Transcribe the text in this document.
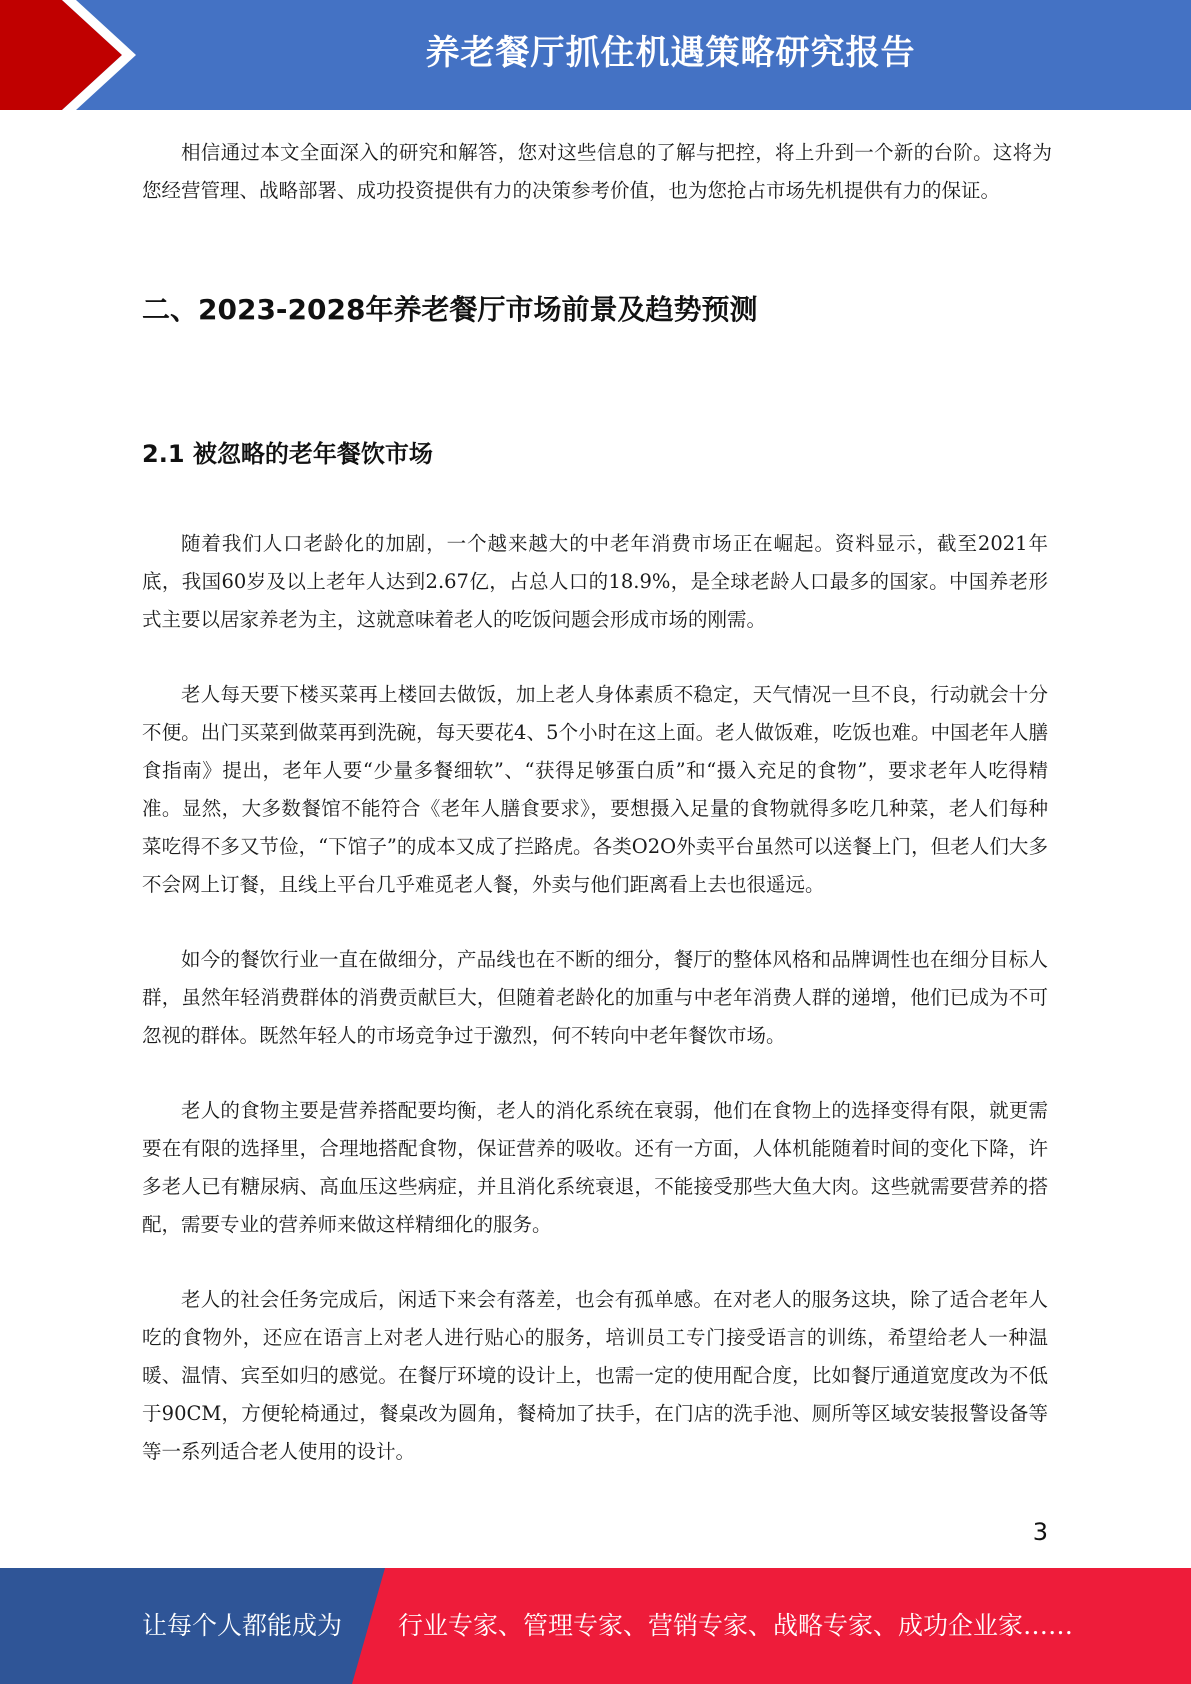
养老餐厅抓住机遇策略研究报告

相信通过本文全面深入的研究和解答，您对这些信息的了解与把控，将上升到一个新的台阶。这将为您经营管理、战略部署、成功投资提供有力的决策参考价值，也为您抢占市场先机提供有力的保证。

二、2023-2028年养老餐厅市场前景及趋势预测
2.1 被忽略的老年餐饮市场

随着我们人口老龄化的加剧，一个越来越大的中老年消费市场正在崛起。资料显示，截至2021年底，我国60岁及以上老年人达到2.67亿，占总人口的18.9%，是全球老龄人口最多的国家。中国养老形式主要以居家养老为主，这就意味着老人的吃饭问题会形成市场的刚需。

老人每天要下楼买菜再上楼回去做饭，加上老人身体素质不稳定，天气情况一旦不良，行动就会十分不便。出门买菜到做菜再到洗碗，每天要花4、5个小时在这上面。老人做饭难，吃饭也难。中国老年人膳食指南》提出，老年人要“少量多餐细软”、“获得足够蛋白质”和“摄入充足的食物”，要求老年人吃得精准。显然，大多数餐馆不能符合《老年人膳食要求》，要想摄入足量的食物就得多吃几种菜，老人们每种菜吃得不多又节俭，“下馆子”的成本又成了拦路虎。各类O2O外卖平台虽然可以送餐上门，但老人们大多不会网上订餐，且线上平台几乎难觅老人餐，外卖与他们距离看上去也很遥远。

如今的餐饮行业一直在做细分，产品线也在不断的细分，餐厅的整体风格和品牌调性也在细分目标人群，虽然年轻消费群体的消费贡献巨大，但随着老龄化的加重与中老年消费人群的递增，他们已成为不可忽视的群体。既然年轻人的市场竞争过于激烈，何不转向中老年餐饮市场。

老人的食物主要是营养搭配要均衡，老人的消化系统在衰弱，他们在食物上的选择变得有限，就更需要在有限的选择里，合理地搭配食物，保证营养的吸收。还有一方面，人体机能随着时间的变化下降，许多老人已有糖尿病、高血压这些病症，并且消化系统衰退，不能接受那些大鱼大肉。这些就需要营养的搭配，需要专业的营养师来做这样精细化的服务。

老人的社会任务完成后，闲适下来会有落差，也会有孤单感。在对老人的服务这块，除了适合老年人吃的食物外，还应在语言上对老人进行贴心的服务，培训员工专门接受语言的训练，希望给老人一种温暖、温情、宾至如归的感觉。在餐厅环境的设计上，也需一定的使用配合度，比如餐厅通道宽度改为不低于90CM，方便轮椅通过，餐桌改为圆角，餐椅加了扶手，在门店的洗手池、厕所等区域安装报警设备等等一系列适合老人使用的设计。

3
让每个人都能成为 行业专家、管理专家、营销专家、战略专家、成功企业家……
